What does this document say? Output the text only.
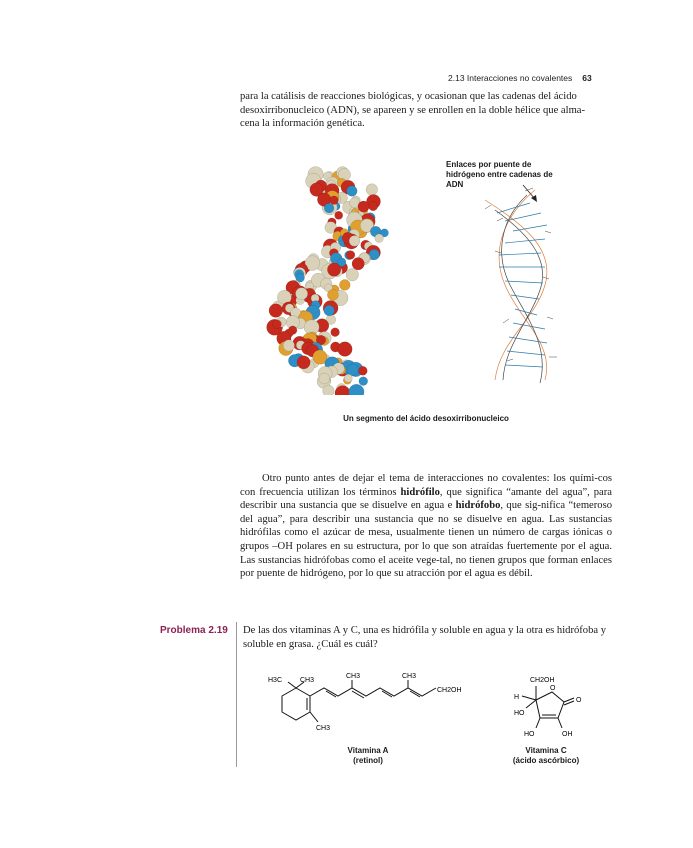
2.13 Interacciones no covalentes 63

para la catálisis de reacciones biológicas, y ocasionan que las cadenas del ácido

desoxirribonucleico (ADN), se apareen y se enrollen en la doble hélice que alma-

cena la información genética.

Enlaces por puente de hidrógeno entre cadenas de ADN
Un segmento del ácido desoxirribonucleico

Otro punto antes de dejar el tema de interacciones no covalentes: los quími-cos con frecuencia utilizan los términos hidrófilo, que significa “amante del agua”, para describir una sustancia que se disuelve en agua e hidrófobo, que sig-nifica “temeroso del agua”, para describir una sustancia que no se disuelve en agua. Las sustancias hidrófilas como el azúcar de mesa, usualmente tienen un número de cargas iónicas o grupos –OH polares en su estructura, por lo que son atraídas fuertemente por el agua. Las sustancias hidrófobas como el aceite vege-tal, no tienen grupos que forman enlaces por puente de hidrógeno, por lo que su atracción por el agua es débil.

Problema 2.19 De las dos vitaminas A y C, una es hidrófila y soluble en agua y la otra es hidrófoba y soluble en grasa. ¿Cuál es cuál?
H3C	CH3
CH3	CH3
CH2OH
CH3
Vitamina A
(retinol)
CH2OH
H
HO
O
O
HO	OH
Vitamina C
(ácido ascórbico)
